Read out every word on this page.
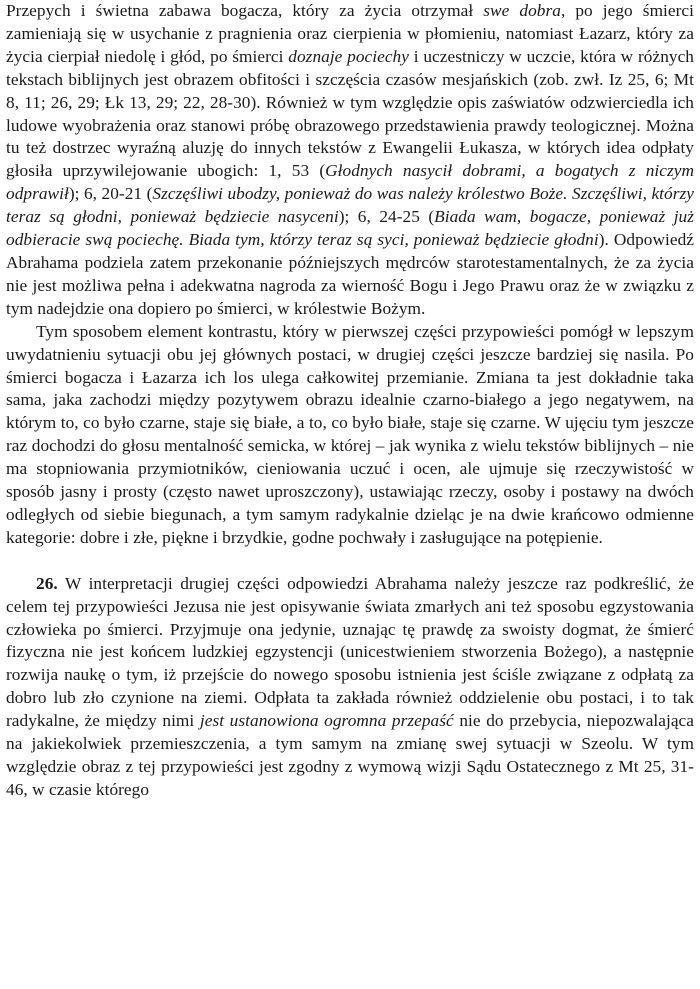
Przepych i świetna zabawa bogacza, który za życia otrzymał swe dobra, po jego śmierci zamieniają się w usychanie z pragnienia oraz cierpienia w płomieniu, natomiast Łazarz, który za życia cierpiał niedolę i głód, po śmierci doznaje pociechy i uczestniczy w uczcie, która w różnych tekstach biblijnych jest obrazem obfitości i szczęścia czasów mesjańskich (zob. zwł. Iz 25, 6; Mt 8, 11; 26, 29; Łk 13, 29; 22, 28-30). Również w tym względzie opis zaświatów odzwierciedla ich ludowe wyobrażenia oraz stanowi próbę obrazowego przedstawienia prawdy teologicznej. Można tu też dostrzec wyraźną aluzję do innych tekstów z Ewangelii Łukasza, w których idea odpłaty głosiła uprzywilejowanie ubogich: 1, 53 (Głodnych nasycił dobrami, a bogatych z niczym odprawił); 6, 20-21 (Szczęśliwi ubodzy, ponieważ do was należy królestwo Boże. Szczęśliwi, którzy teraz są głodni, ponieważ będziecie nasyceni); 6, 24-25 (Biada wam, bogacze, ponieważ już odbieracie swą pociechę. Biada tym, którzy teraz są syci, ponieważ będziecie głodni). Odpowiedź Abrahama podziela zatem przekonanie późniejszych mędrców starotestamentalnych, że za życia nie jest możliwa pełna i adekwatna nagroda za wierność Bogu i Jego Prawu oraz że w związku z tym nadejdzie ona dopiero po śmierci, w królestwie Bożym.

Tym sposobem element kontrastu, który w pierwszej części przypowieści pomógł w lepszym uwydatnieniu sytuacji obu jej głównych postaci, w drugiej części jeszcze bardziej się nasila. Po śmierci bogacza i Łazarza ich los ulega całkowitej przemianie. Zmiana ta jest dokładnie taka sama, jaka zachodzi między pozytywem obrazu idealnie czarno-białego a jego negatywem, na którym to, co było czarne, staje się białe, a to, co było białe, staje się czarne. W ujęciu tym jeszcze raz dochodzi do głosu mentalność semicka, w której – jak wynika z wielu tekstów biblijnych – nie ma stopniowania przymiotników, cieniowania uczuć i ocen, ale ujmuje się rzeczywistość w sposób jasny i prosty (często nawet uproszczony), ustawiając rzeczy, osoby i postawy na dwóch odległych od siebie biegunach, a tym samym radykalnie dzieląc je na dwie krańcowo odmienne kategorie: dobre i złe, piękne i brzydkie, godne pochwały i zasługujące na potępienie.

26. W interpretacji drugiej części odpowiedzi Abrahama należy jeszcze raz podkreślić, że celem tej przypowieści Jezusa nie jest opisywanie świata zmarłych ani też sposobu egzystowania człowieka po śmierci. Przyjmuje ona jedynie, uznając tę prawdę za swoisty dogmat, że śmierć fizyczna nie jest końcem ludzkiej egzystencji (unicestwieniem stworzenia Bożego), a następnie rozwija naukę o tym, iż przejście do nowego sposobu istnienia jest ściśle związane z odpłatą za dobro lub zło czynione na ziemi. Odpłata ta zakłada również oddzielenie obu postaci, i to tak radykalne, że między nimi jest ustanowiona ogromna przepaść nie do przebycia, niepozwalająca na jakiekolwiek przemieszczenia, a tym samym na zmianę swej sytuacji w Szeolu. W tym względzie obraz z tej przypowieści jest zgodny z wymową wizji Sądu Ostatecznego z Mt 25, 31-46, w czasie którego
